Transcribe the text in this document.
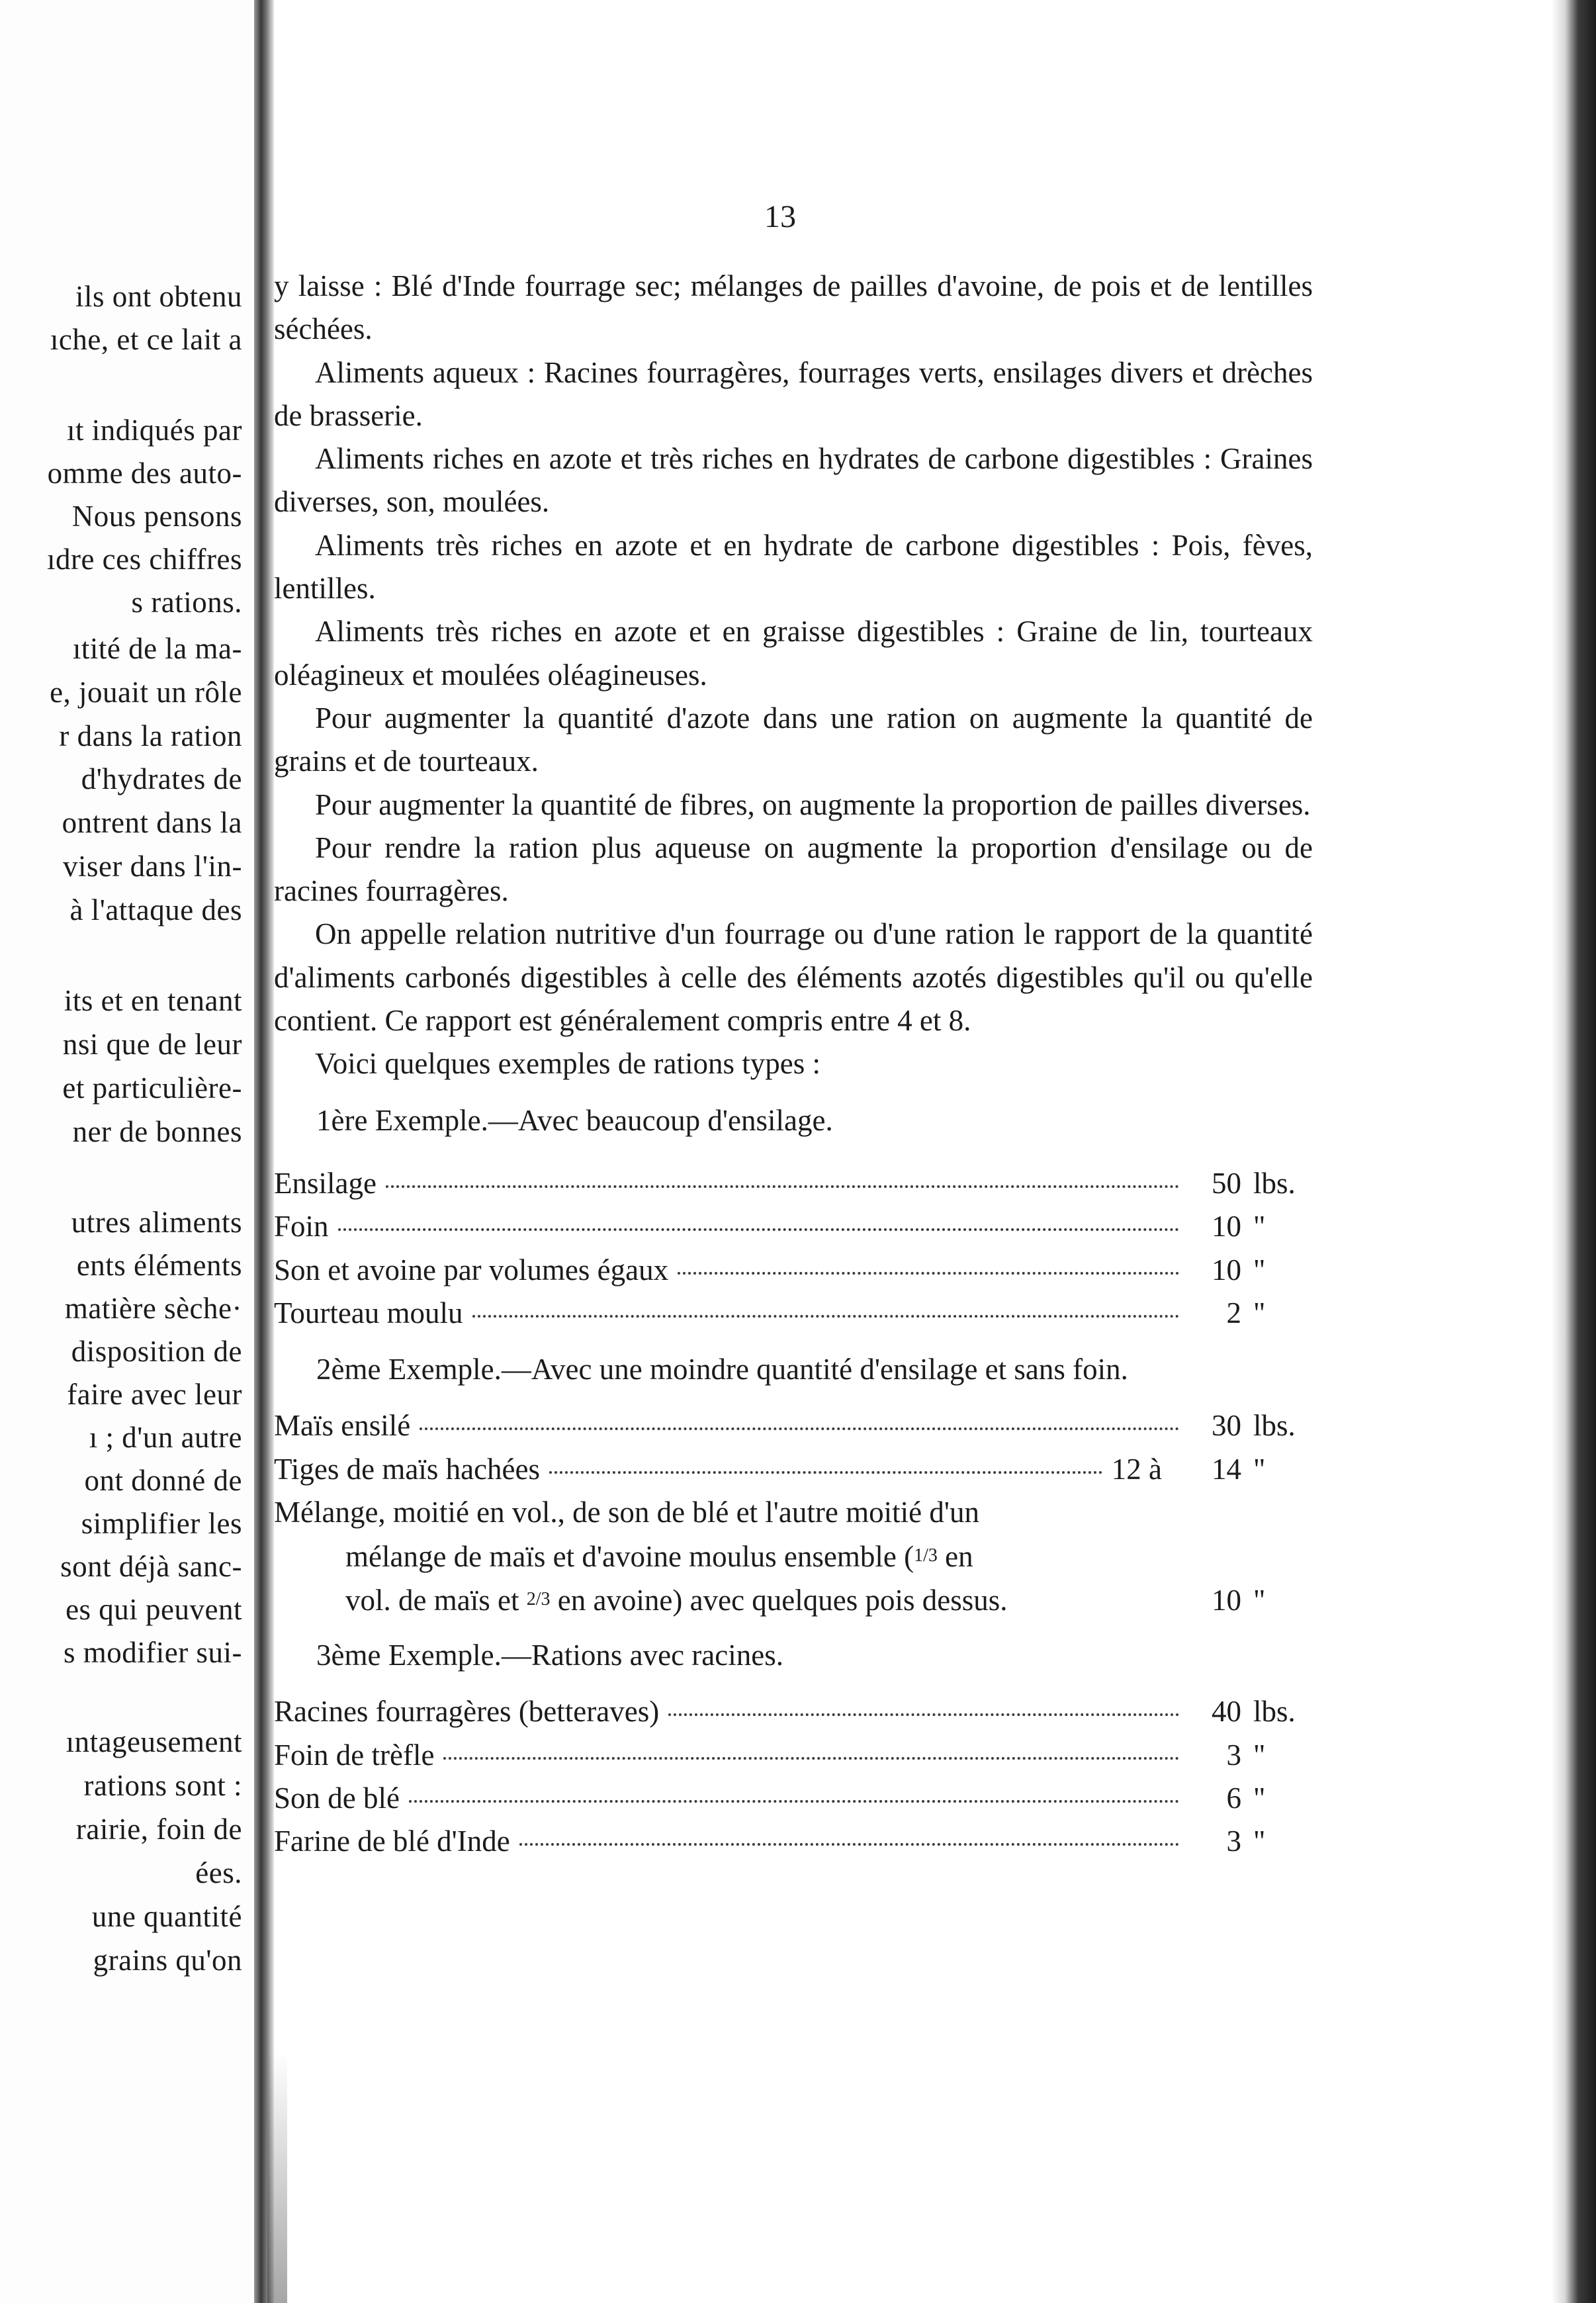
ils ont obtenu
ıche, et ce lait a
ıt indiqués par
omme des auto-
Nous pensons
ıdre ces chiffres
s rations.
ıtité de la ma-
e, jouait un rôle
r dans la ration
d'hydrates de
ontrent dans la
viser dans l'in-
à l'attaque des
its et en tenant
nsi que de leur
et particulière-
ner de bonnes
utres aliments
ents éléments
matière sèche·
disposition de
faire avec leur
ı ; d'un autre
ont donné de
simplifier les
sont déjà sanc-
es qui peuvent
s modifier sui-
ıntageusement
rations sont :
rairie, foin de
ées.
une quantité
grains qu'on
13

y laisse : Blé d'Inde fourrage sec; mélanges de pailles d'avoine, de pois et de lentilles séchées.

Aliments aqueux : Racines fourragères, fourrages verts, ensilages divers et drèches de brasserie.

Aliments riches en azote et très riches en hydrates de carbone digestibles : Graines diverses, son, moulées.

Aliments très riches en azote et en hydrate de carbone digestibles : Pois, fèves, lentilles.

Aliments très riches en azote et en graisse digestibles : Graine de lin, tourteaux oléagineux et moulées oléagineuses.

Pour augmenter la quantité d'azote dans une ration on augmente la quantité de grains et de tourteaux.

Pour augmenter la quantité de fibres, on augmente la proportion de pailles diverses.

Pour rendre la ration plus aqueuse on augmente la proportion d'ensilage ou de racines fourragères.

On appelle relation nutritive d'un fourrage ou d'une ration le rapport de la quantité d'aliments carbonés digestibles à celle des éléments azotés digestibles qu'il ou qu'elle contient. Ce rapport est généralement compris entre 4 et 8.

Voici quelques exemples de rations types :

1ère Exemple.—Avec beaucoup d'ensilage.

Ensilage	50 lbs.
Foin	10 "
Son et avoine par volumes égaux	10 "
Tourteau moulu	2 "

2ème Exemple.—Avec une moindre quantité d'ensilage et sans foin.

Maïs ensilé	30 lbs.
Tiges de maïs hachées	12 à	14 "
Mélange, moitié en vol., de son de blé et l'autre moitié d'un
mélange de maïs et d'avoine moulus ensemble (1/3 en
vol. de maïs et 2/3 en avoine) avec quelques pois dessus.	10 "

3ème Exemple.—Rations avec racines.

Racines fourragères (betteraves)	40 lbs.
Foin de trèfle	3 "
Son de blé	6 "
Farine de blé d'Inde	3 "
